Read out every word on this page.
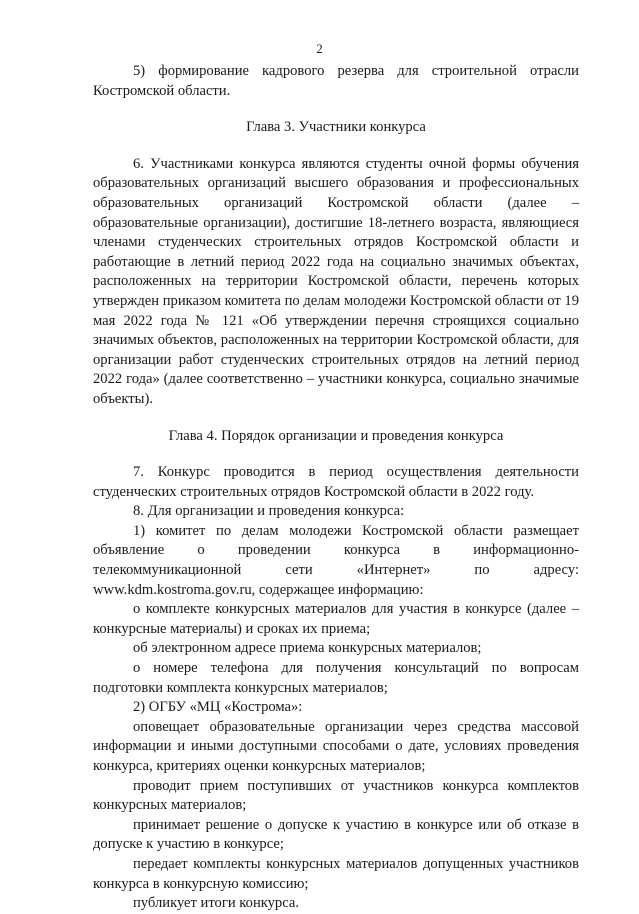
2

5) формирование кадрового резерва для строительной отрасли Костромской области.

Глава 3. Участники конкурса

6. Участниками конкурса являются студенты очной формы обучения образовательных организаций высшего образования и профессиональных образовательных организаций Костромской области (далее – образовательные организации), достигшие 18-летнего возраста, являющиеся членами студенческих строительных отрядов Костромской области и работающие в летний период 2022 года на социально значимых объектах, расположенных на территории Костромской области, перечень которых утвержден приказом комитета по делам молодежи Костромской области от 19 мая 2022 года № 121 «Об утверждении перечня строящихся социально значимых объектов, расположенных на территории Костромской области, для организации работ студенческих строительных отрядов на летний период 2022 года» (далее соответственно – участники конкурса, социально значимые объекты).

Глава 4. Порядок организации и проведения конкурса

7. Конкурс проводится в период осуществления деятельности студенческих строительных отрядов Костромской области в 2022 году.

8. Для организации и проведения конкурса:

1) комитет по делам молодежи Костромской области размещает объявление о проведении конкурса в информационно-телекоммуникационной сети «Интернет» по адресу: www.kdm.kostroma.gov.ru, содержащее информацию:

о комплекте конкурсных материалов для участия в конкурсе (далее – конкурсные материалы) и сроках их приема;

об электронном адресе приема конкурсных материалов;

о номере телефона для получения консультаций по вопросам подготовки комплекта конкурсных материалов;

2) ОГБУ «МЦ «Кострома»:

оповещает образовательные организации через средства массовой информации и иными доступными способами о дате, условиях проведения конкурса, критериях оценки конкурсных материалов;

проводит прием поступивших от участников конкурса комплектов конкурсных материалов;

принимает решение о допуске к участию в конкурсе или об отказе в допуске к участию в конкурсе;

передает комплекты конкурсных материалов допущенных участников конкурса в конкурсную комиссию;

публикует итоги конкурса.
